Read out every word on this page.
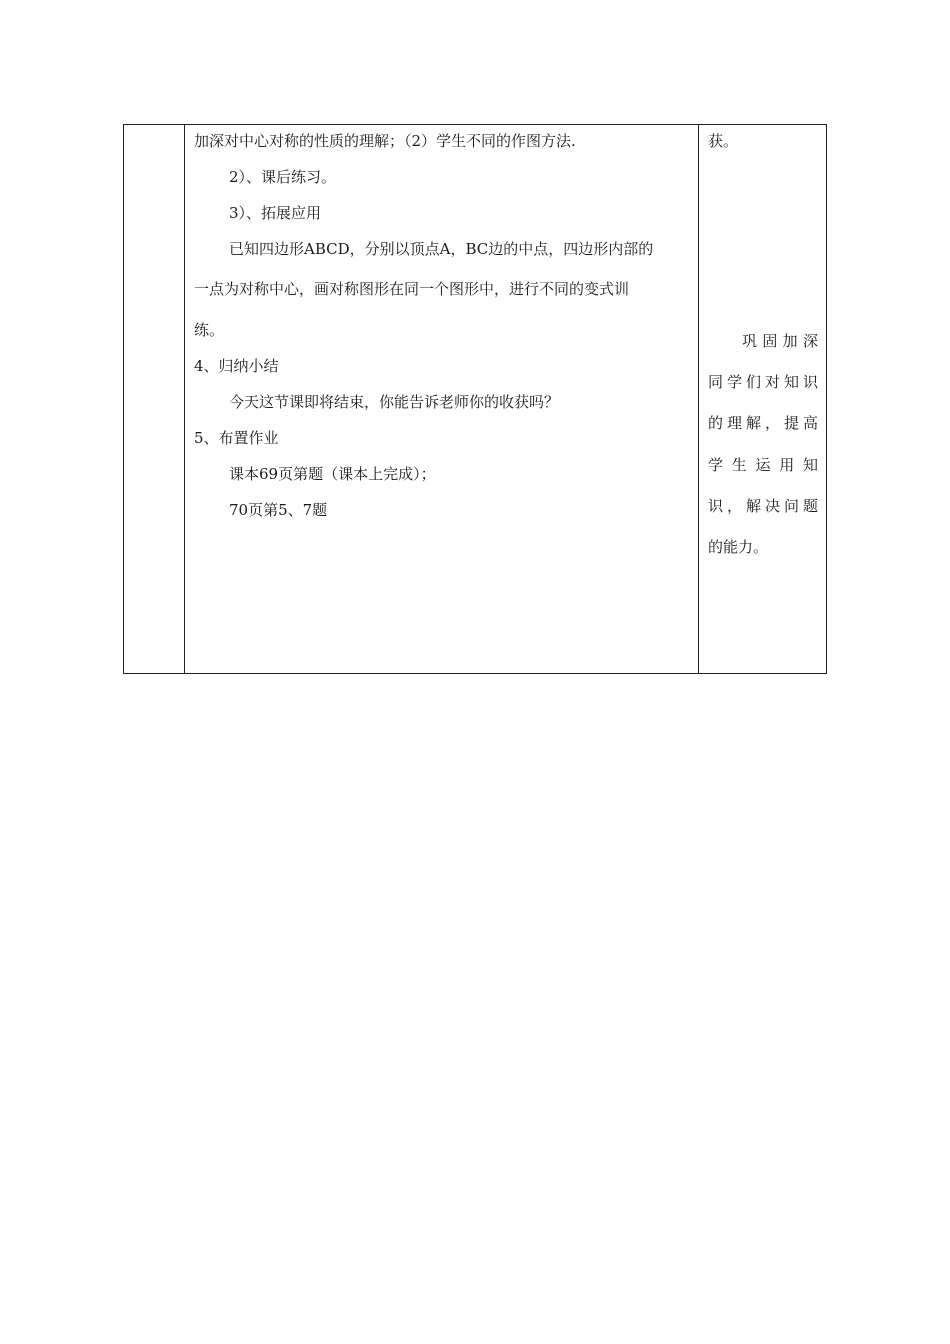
加深对中心对称的性质的理解；（2）学生不同的作图方法.
2）、课后练习。
3）、拓展应用
已知四边形ABCD，分别以顶点A，BC边的中点，四边形内部的
一点为对称中心，画对称图形在同一个图形中，进行不同的变式训
练。
4、归纳小结
今天这节课即将结束，你能告诉老师你的收获吗？
5、布置作业
课本69页第题（课本上完成）；
70页第5、7题
获。
巩固加深
同学们对知识
的理解，提高
学生运用知
识，解决问题
的能力。
